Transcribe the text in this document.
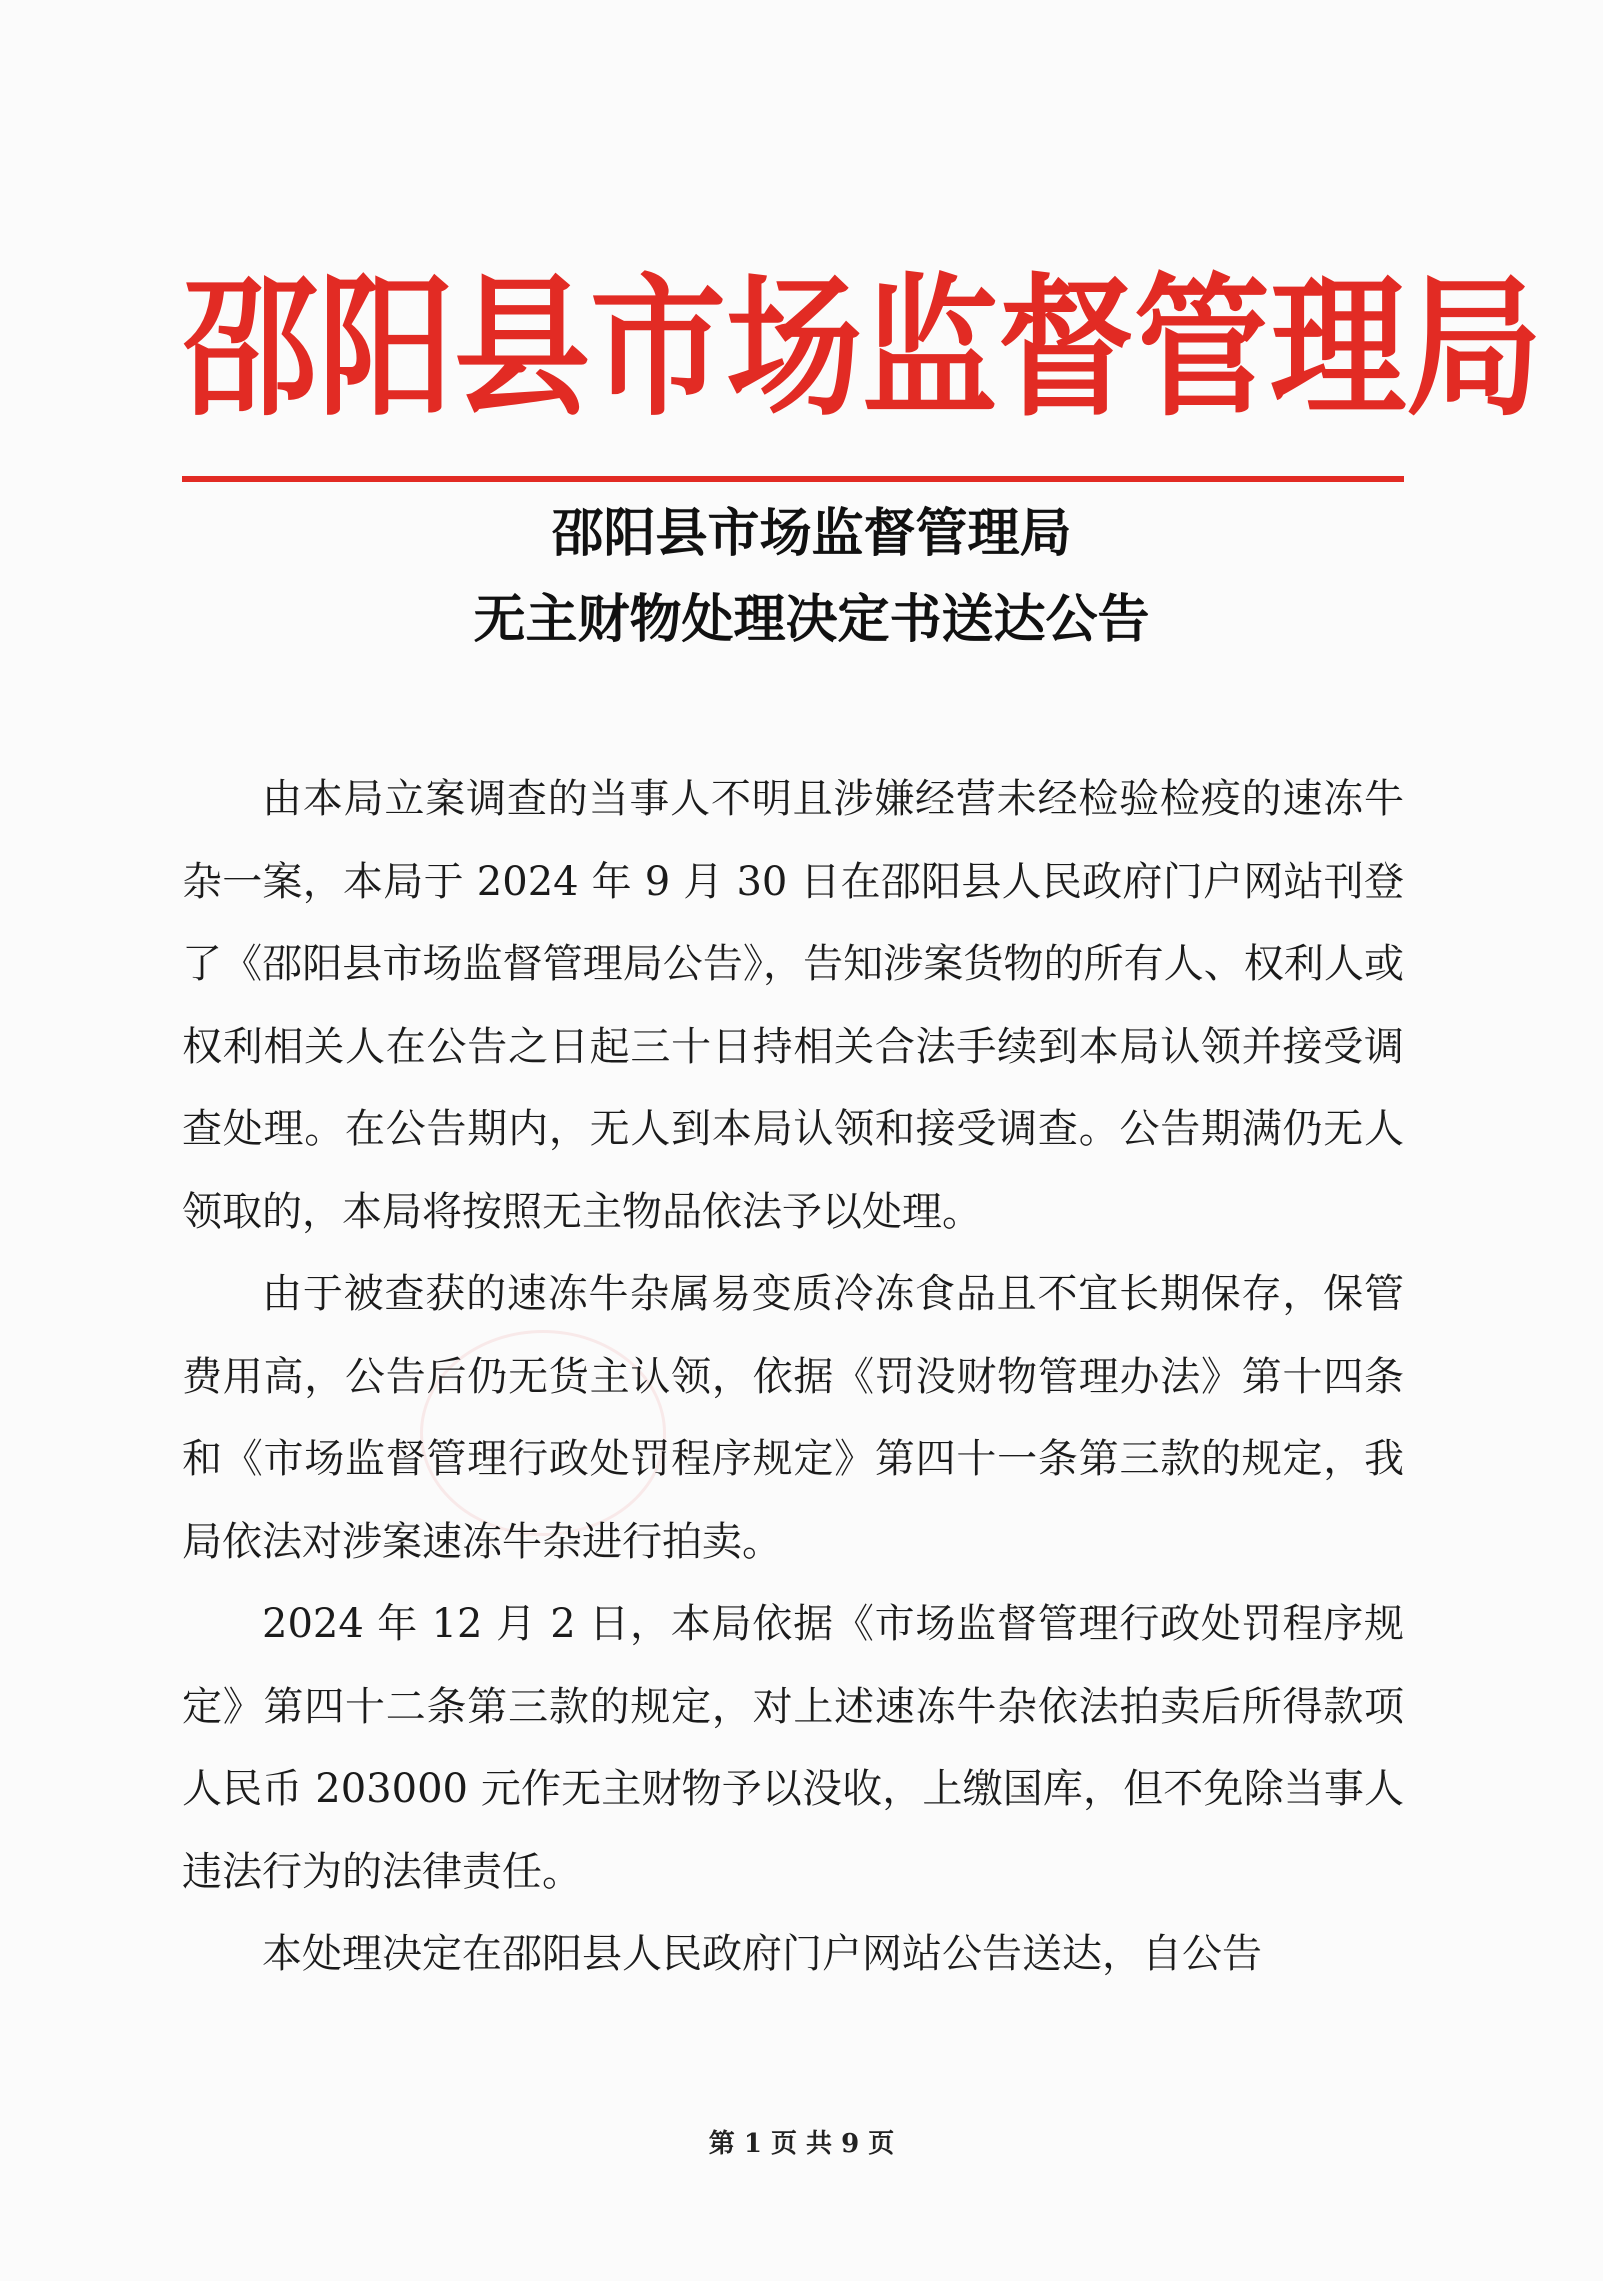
邵 阳 县 市 场 监 督 管 理 局
邵阳县市场监督管理局
无主财物处理决定书送达公告

由本局立案调查的当事人不明且涉嫌经营未经检验检疫的速冻牛杂一案，本局于 2024 年 9 月 30 日在邵阳县人民政府门户网站刊登了《邵阳县市场监督管理局公告》，告知涉案货物的所有人、权利人或权利相关人在公告之日起三十日持相关合法手续到本局认领并接受调查处理。在公告期内，无人到本局认领和接受调查。公告期满仍无人领取的，本局将按照无主物品依法予以处理。

由于被查获的速冻牛杂属易变质冷冻食品且不宜长期保存，保管费用高，公告后仍无货主认领，依据《罚没财物管理办法》第十四条和《市场监督管理行政处罚程序规定》第四十一条第三款的规定，我局依法对涉案速冻牛杂进行拍卖。

2024 年 12 月 2 日，本局依据《市场监督管理行政处罚程序规定》第四十二条第三款的规定，对上述速冻牛杂依法拍卖后所得款项人民币 203000 元作无主财物予以没收，上缴国库，但不免除当事人违法行为的法律责任。

本处理决定在邵阳县人民政府门户网站公告送达，自公告

第 1 页 共 9 页
